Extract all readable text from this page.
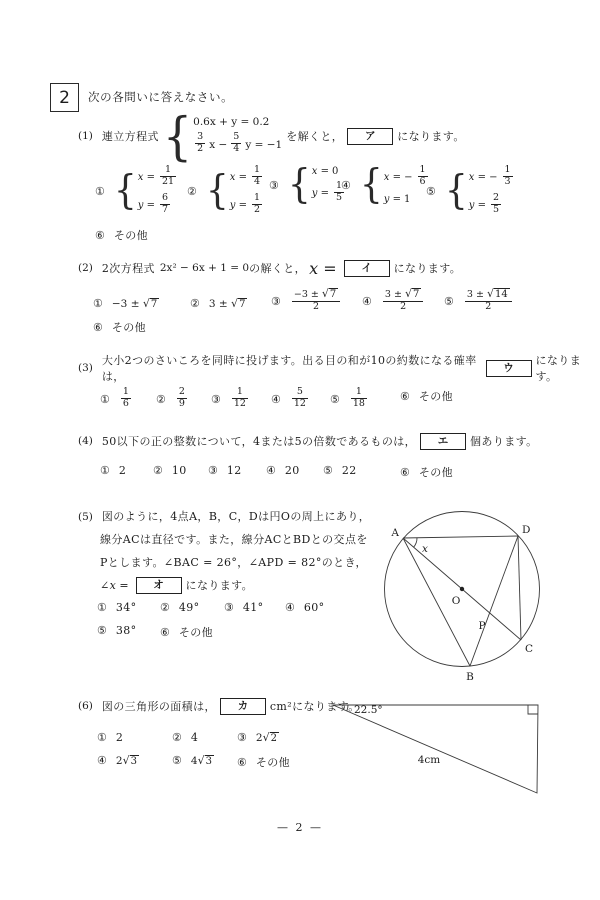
2 次の各問いに答えなさい。
(1) 連立方程式 { 0.6x + y = 0.2
$\frac{3}{2}$ $x - \frac{5}{4}$ y = −1
を解くと，	ア	になります。
① { $x = \frac{1}{21}$
$y = \frac{6}{7}$
② { $x = \frac{1}{4}$
$y = \frac{1}{2}$
③ { x = 0
$y = \frac{1}{5}$
④ { x = − $\frac{1}{6}$
y = 1
⑤ { x = − $\frac{1}{3}$
$y = \frac{2}{5}$
⑥ その他
(2) 2次方程式 2x² − 6x + 1 = 0 の解くと， x =	イ	になります。
① −3 ± √7	② 3 ± √7 ③ $\frac{-3 \pm √7}{2}$ ④ $\frac{3 \pm √7}{2}$ ⑤ $\frac{3 \pm √14}{2}$
⑥ その他
(3)
大小2つのさいころを同時に投げます。出る目の和が10の約数になる確率は，
ウ
になります。
① $\frac{1}{6}$ ② $\frac{2}{9}$ ③ $\frac{1}{12}$ ④ $\frac{5}{12}$ ⑤ $\frac{1}{18}$	⑥ その他
(4) 50以下の正の整数について，4または5の倍数であるものは，	エ	個あります。
① 2 ② 10 ③ 12 ④ 20 ⑤ 22	⑥ その他
(5) 図のように，4点A，B，C，Dは円Oの周上にあり，
線分ACは直径です。また，線分ACとBDとの交点を
Pとします。∠BAC = 26°，∠APD = 82°のとき，
∠ x =	オ	になります。
① 34° ② 49° ③ 41° ④ 60°
⑤ 38° ⑥ その他
A	D
O
P
C
B
x
(6) 図の三角形の面積は，	カ	cm²になります。
① 2	② 4	③ 2√2
④ 2√3	⑤ 4√3 ⑥ その他
22.5°
4cm
— 2 —
